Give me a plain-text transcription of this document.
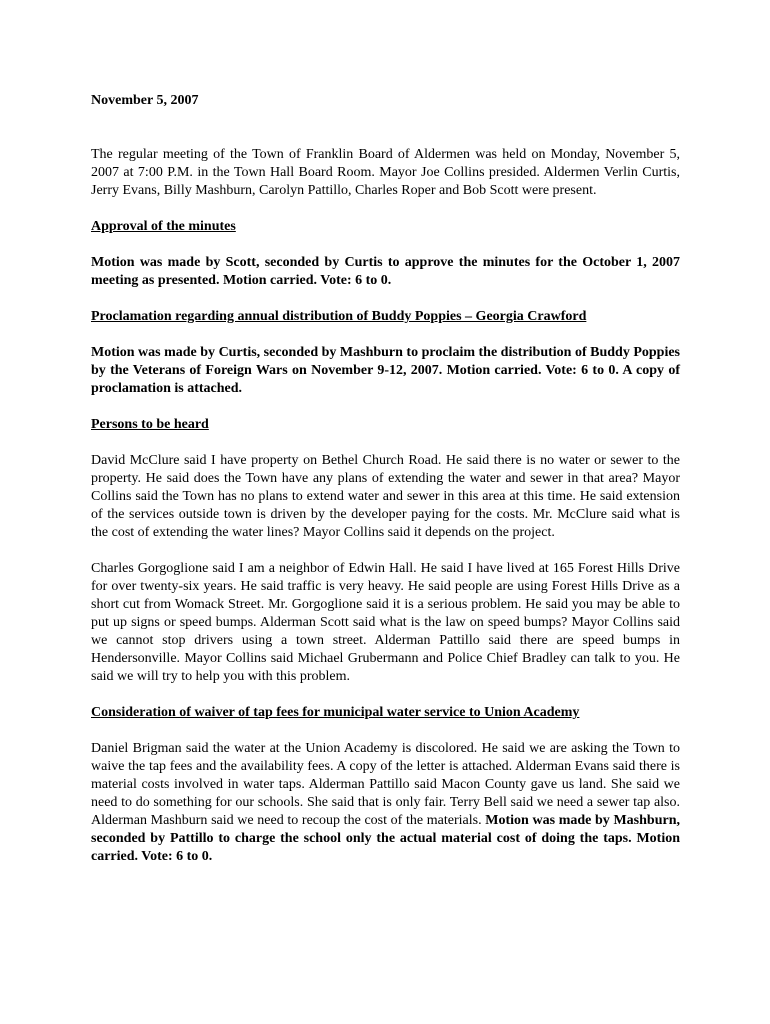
November 5, 2007

The regular meeting of the Town of Franklin Board of Aldermen was held on Monday, November 5, 2007 at 7:00 P.M. in the Town Hall Board Room. Mayor Joe Collins presided. Aldermen Verlin Curtis, Jerry Evans, Billy Mashburn, Carolyn Pattillo, Charles Roper and Bob Scott were present.

Approval of the minutes

Motion was made by Scott, seconded by Curtis to approve the minutes for the October 1, 2007 meeting as presented. Motion carried. Vote: 6 to 0.

Proclamation regarding annual distribution of Buddy Poppies – Georgia Crawford

Motion was made by Curtis, seconded by Mashburn to proclaim the distribution of Buddy Poppies by the Veterans of Foreign Wars on November 9-12, 2007. Motion carried. Vote: 6 to 0. A copy of proclamation is attached.

Persons to be heard

David McClure said I have property on Bethel Church Road. He said there is no water or sewer to the property. He said does the Town have any plans of extending the water and sewer in that area? Mayor Collins said the Town has no plans to extend water and sewer in this area at this time. He said extension of the services outside town is driven by the developer paying for the costs. Mr. McClure said what is the cost of extending the water lines? Mayor Collins said it depends on the project.

Charles Gorgoglione said I am a neighbor of Edwin Hall. He said I have lived at 165 Forest Hills Drive for over twenty-six years. He said traffic is very heavy. He said people are using Forest Hills Drive as a short cut from Womack Street. Mr. Gorgoglione said it is a serious problem. He said you may be able to put up signs or speed bumps. Alderman Scott said what is the law on speed bumps? Mayor Collins said we cannot stop drivers using a town street. Alderman Pattillo said there are speed bumps in Hendersonville. Mayor Collins said Michael Grubermann and Police Chief Bradley can talk to you. He said we will try to help you with this problem.

Consideration of waiver of tap fees for municipal water service to Union Academy

Daniel Brigman said the water at the Union Academy is discolored. He said we are asking the Town to waive the tap fees and the availability fees. A copy of the letter is attached. Alderman Evans said there is material costs involved in water taps. Alderman Pattillo said Macon County gave us land. She said we need to do something for our schools. She said that is only fair. Terry Bell said we need a sewer tap also. Alderman Mashburn said we need to recoup the cost of the materials. Motion was made by Mashburn, seconded by Pattillo to charge the school only the actual material cost of doing the taps. Motion carried. Vote: 6 to 0.
